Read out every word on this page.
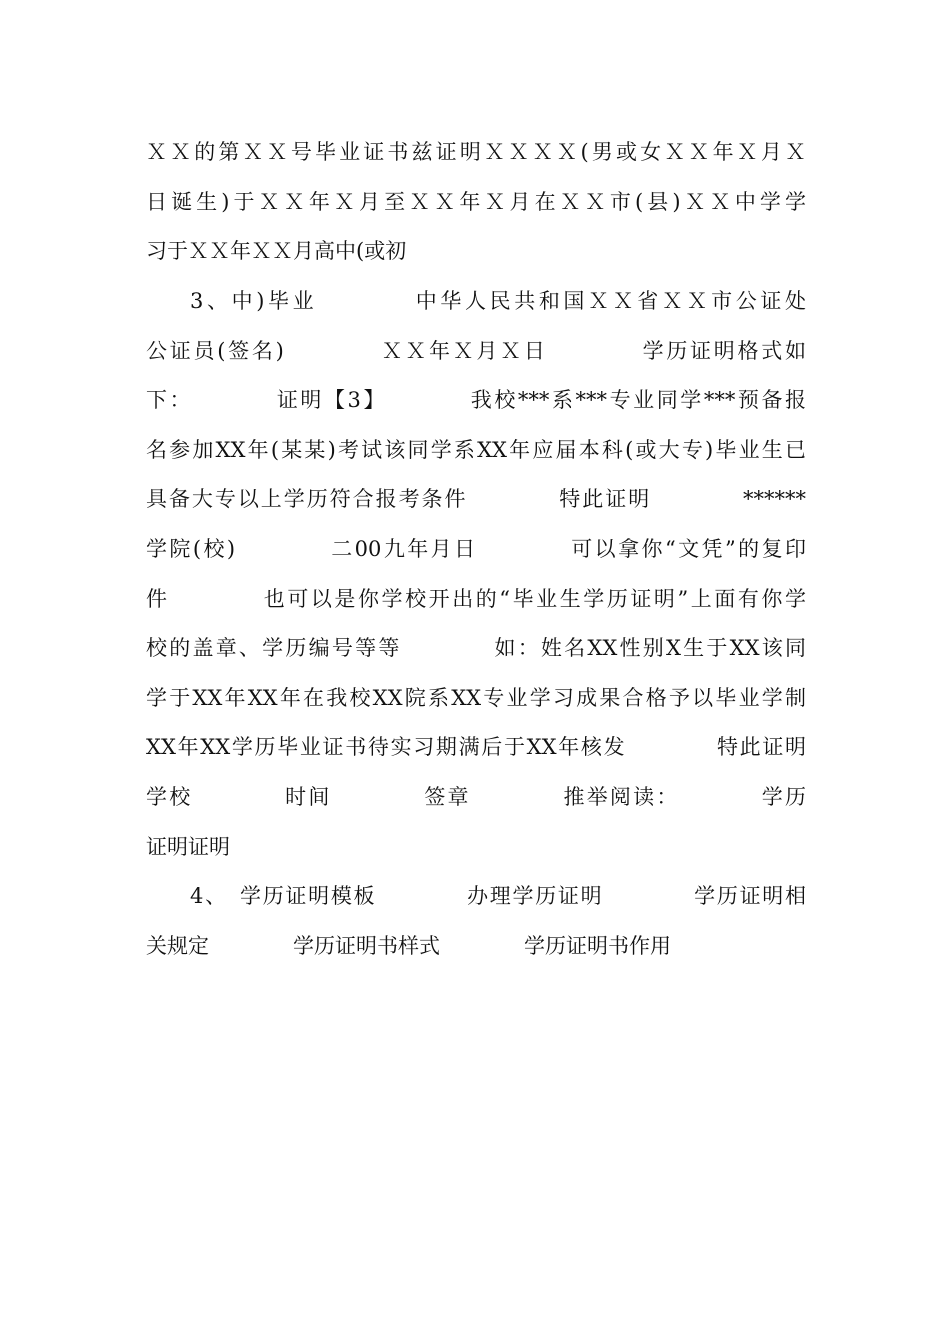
ＸＸ的第ＸＸ号毕业证书兹证明ＸＸＸＸ(男或女ＸＸ年Ｘ月Ｘ
日诞生)于ＸＸ年Ｘ月至ＸＸ年Ｘ月在ＸＸ市(县)ＸＸ中学学
习于ＸＸ年ＸＸ月高中(或初
3、中)毕业　　　　中华人民共和国ＸＸ省ＸＸ市公证处
公证员(签名)　　　　ＸＸ年Ｘ月Ｘ日　　　　学历证明格式如
下：　　　　证明【3】　　　　我校***系***专业同学***预备报
名参加XX年(某某)考试该同学系XX年应届本科(或大专)毕业生已
具备大专以上学历符合报考条件　　　　特此证明　　　　******
学院(校)　　　　二00九年月日　　　　可以拿你“文凭”的复印
件　　　　也可以是你学校开出的“毕业生学历证明”上面有你学
校的盖章、学历编号等等　　　　如：姓名XX性别X生于XX该同
学于XX年XX年在我校XX院系XX专业学习成果合格予以毕业学制
XX年XX学历毕业证书待实习期满后于XX年核发　　　　特此证明
学校　　　　时间　　　　签章　　　　推举阅读：　　　　学历
证明证明
4、　学历证明模板　　　　办理学历证明　　　　学历证明相
关规定　　　　学历证明书样式　　　　学历证明书作用
